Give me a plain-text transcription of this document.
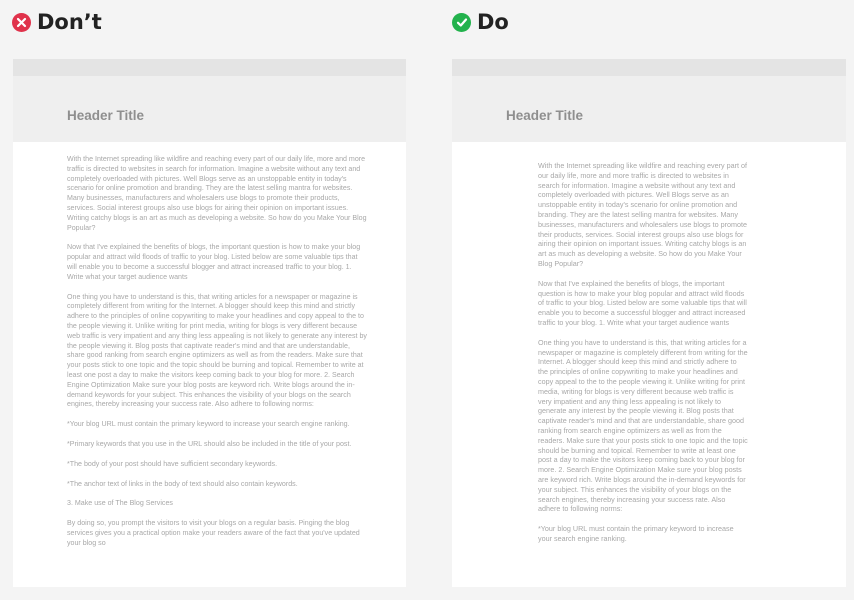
Don’t
Header Title

With the Internet spreading like wildfire and reaching every part of our daily life, more and more traffic is directed to websites in search for information. Imagine a website without any text and completely overloaded with pictures. Well Blogs serve as an unstoppable entity in today's scenario for online promotion and branding. They are the latest selling mantra for websites. Many businesses, manufacturers and wholesalers use blogs to promote their products, services. Social interest groups also use blogs for airing their opinion on important issues. Writing catchy blogs is an art as much as developing a website. So how do you Make Your Blog Popular?

Now that I've explained the benefits of blogs, the important question is how to make your blog popular and attract wild floods of traffic to your blog. Listed below are some valuable tips that will enable you to become a successful blogger and attract increased traffic to your blog. 1. Write what your target audience wants

One thing you have to understand is this, that writing articles for a newspaper or magazine is completely different from writing for the Internet. A blogger should keep this mind and strictly adhere to the principles of online copywriting to make your headlines and copy appeal to the to the people viewing it. Unlike writing for print media, writing for blogs is very different because web traffic is very impatient and any thing less appealing is not likely to generate any interest by the people viewing it. Blog posts that captivate reader's mind and that are understandable, share good ranking from search engine optimizers as well as from the readers. Make sure that your posts stick to one topic and the topic should be burning and topical. Remember to write at least one post a day to make the visitors keep coming back to your blog for more. 2. Search Engine Optimization Make sure your blog posts are keyword rich. Write blogs around the in-demand keywords for your subject. This enhances the visibility of your blogs on the search engines, thereby increasing your success rate. Also adhere to following norms:

*Your blog URL must contain the primary keyword to increase your search engine ranking.

*Primary keywords that you use in the URL should also be included in the title of your post.

*The body of your post should have sufficient secondary keywords.

*The anchor text of links in the body of text should also contain keywords.

3. Make use of The Blog Services

By doing so, you prompt the visitors to visit your blogs on a regular basis. Pinging the blog services gives you a practical option make your readers aware of the fact that you've updated your blog so

Do
Header Title

With the Internet spreading like wildfire and reaching every part of our daily life, more and more traffic is directed to websites in search for information. Imagine a website without any text and completely overloaded with pictures. Well Blogs serve as an unstoppable entity in today's scenario for online promotion and branding. They are the latest selling mantra for websites. Many businesses, manufacturers and wholesalers use blogs to promote their products, services. Social interest groups also use blogs for airing their opinion on important issues. Writing catchy blogs is an art as much as developing a website. So how do you Make Your Blog Popular?

Now that I've explained the benefits of blogs, the important question is how to make your blog popular and attract wild floods of traffic to your blog. Listed below are some valuable tips that will enable you to become a successful blogger and attract increased traffic to your blog. 1. Write what your target audience wants

One thing you have to understand is this, that writing articles for a newspaper or magazine is completely different from writing for the Internet. A blogger should keep this mind and strictly adhere to the principles of online copywriting to make your headlines and copy appeal to the to the people viewing it. Unlike writing for print media, writing for blogs is very different because web traffic is very impatient and any thing less appealing is not likely to generate any interest by the people viewing it. Blog posts that captivate reader's mind and that are understandable, share good ranking from search engine optimizers as well as from the readers. Make sure that your posts stick to one topic and the topic should be burning and topical. Remember to write at least one post a day to make the visitors keep coming back to your blog for more. 2. Search Engine Optimization Make sure your blog posts are keyword rich. Write blogs around the in-demand keywords for your subject. This enhances the visibility of your blogs on the search engines, thereby increasing your success rate. Also adhere to following norms:

*Your blog URL must contain the primary keyword to increase your search engine ranking.
